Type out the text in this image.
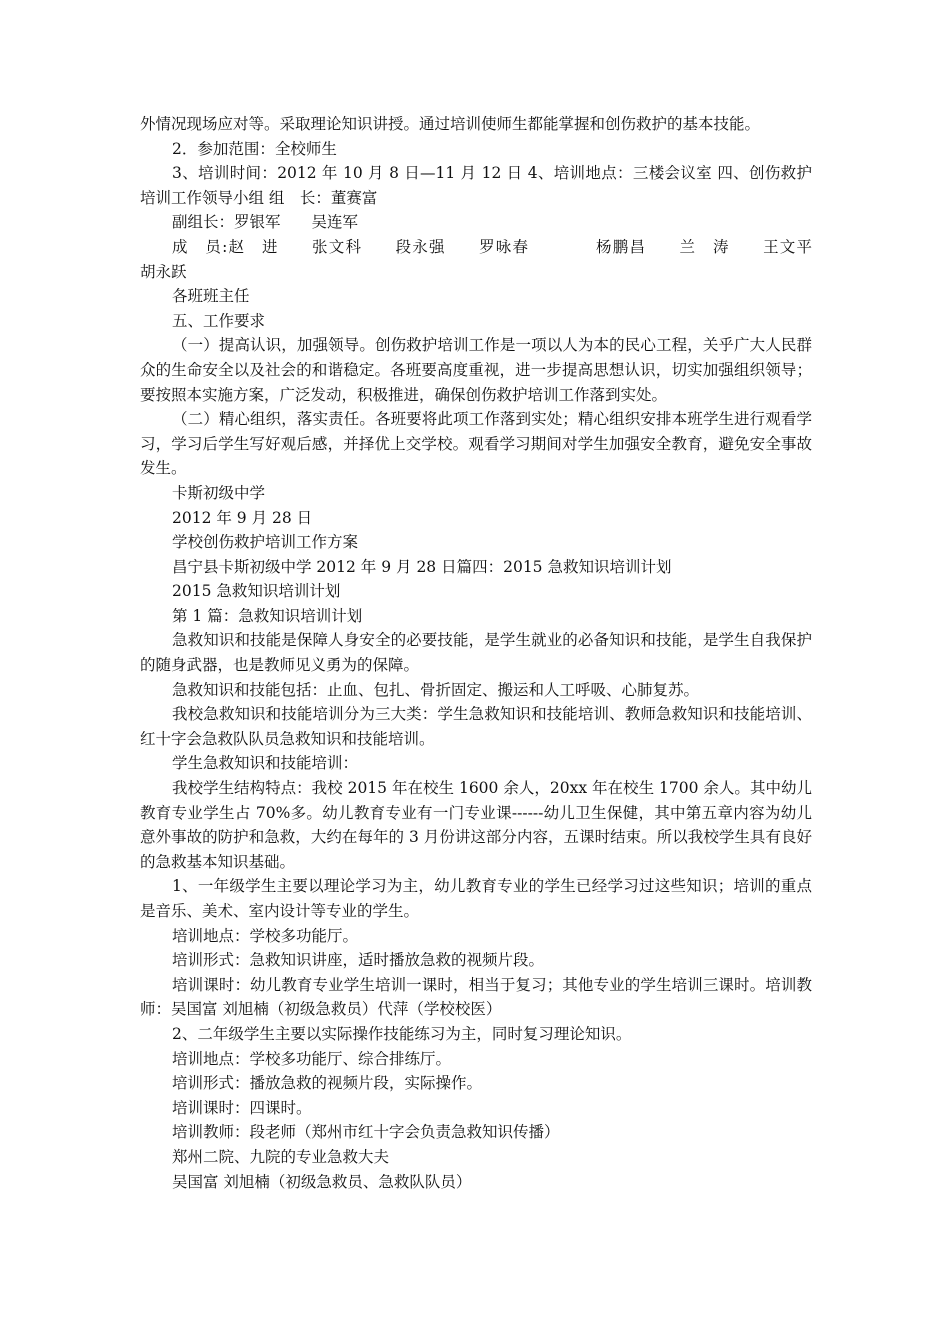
外情况现场应对等。采取理论知识讲授。通过培训使师生都能掌握和创伤救护的基本技能。

2．参加范围：全校师生

3、培训时间：2012 年 10 月 8 日—11 月 12 日 4、培训地点：三楼会议室 四、创伤救护培训工作领导小组 组　长：董赛富

副组长：罗银军　　吴连军

成　员:赵　进　　张文科　　段永强　　罗咏春　　　　杨鹏昌　　兰　涛　　王文平　　胡永跃

各班班主任

五、工作要求

（一）提高认识，加强领导。创伤救护培训工作是一项以人为本的民心工程，关乎广大人民群众的生命安全以及社会的和谐稳定。各班要高度重视，进一步提高思想认识，切实加强组织领导；要按照本实施方案，广泛发动，积极推进，确保创伤救护培训工作落到实处。

（二）精心组织，落实责任。各班要将此项工作落到实处；精心组织安排本班学生进行观看学习，学习后学生写好观后感，并择优上交学校。观看学习期间对学生加强安全教育，避免安全事故发生。

卡斯初级中学

2012 年 9 月 28 日

学校创伤救护培训工作方案

昌宁县卡斯初级中学 2012 年 9 月 28 日篇四：2015 急救知识培训计划

2015 急救知识培训计划

第 1 篇：急救知识培训计划

急救知识和技能是保障人身安全的必要技能，是学生就业的必备知识和技能，是学生自我保护的随身武器，也是教师见义勇为的保障。

急救知识和技能包括：止血、包扎、骨折固定、搬运和人工呼吸、心肺复苏。

我校急救知识和技能培训分为三大类：学生急救知识和技能培训、教师急救知识和技能培训、红十字会急救队队员急救知识和技能培训。

学生急救知识和技能培训：

我校学生结构特点：我校 2015 年在校生 1600 余人，20xx 年在校生 1700 余人。其中幼儿教育专业学生占 70%多。幼儿教育专业有一门专业课------幼儿卫生保健，其中第五章内容为幼儿意外事故的防护和急救，大约在每年的 3 月份讲这部分内容，五课时结束。所以我校学生具有良好的急救基本知识基础。

1、一年级学生主要以理论学习为主，幼儿教育专业的学生已经学习过这些知识；培训的重点是音乐、美术、室内设计等专业的学生。

培训地点：学校多功能厅。

培训形式：急救知识讲座，适时播放急救的视频片段。

培训课时：幼儿教育专业学生培训一课时，相当于复习；其他专业的学生培训三课时。培训教师：吴国富 刘旭楠（初级急救员）代萍（学校校医）

2、二年级学生主要以实际操作技能练习为主，同时复习理论知识。

培训地点：学校多功能厅、综合排练厅。

培训形式：播放急救的视频片段，实际操作。

培训课时：四课时。

培训教师：段老师（郑州市红十字会负责急救知识传播）

郑州二院、九院的专业急救大夫

吴国富 刘旭楠（初级急救员、急救队队员）
